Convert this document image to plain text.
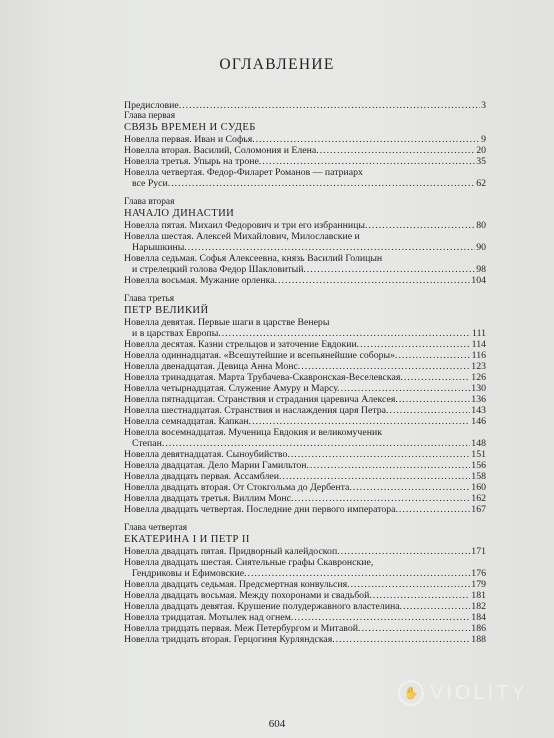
ОГЛАВЛЕНИЕ
Предисловие. .....	3
Глава первая
СВЯЗЬ ВРЕМЕН И СУДЕБ
Новелла первая. Иван и Софья. .....	9
Новелла вторая. Василий, Соломония и Елена. .....	20
Новелла третья. Упырь на троне. .....	35
Новелла четвертая. Федор-Филарет Романов — патриарх
все Руси. .....	62
Глава вторая
НАЧАЛО ДИНАСТИИ
Новелла пятая. Михаил Федорович и три его избранницы. .....	80
Новелла шестая. Алексей Михайлович, Милославские и
Нарышкины. .....	90
Новелла седьмая. Софья Алексеевна, князь Василий Голицын
и стрелецкий голова Федор Шакловитый. .....	98
Новелла восьмая. Мужание орленка. .....	104
Глава третья
ПЕТР ВЕЛИКИЙ
Новелла девятая. Первые шаги в царстве Венеры
и в царствах Европы. .....	111
Новелла десятая. Казни стрельцов и заточение Евдокии. .....	114
Новелла одиннадцатая. «Всешутейшие и всепьянейшие соборы». .....	116
Новелла двенадцатая. Девица Анна Монс. .....	123
Новелла тринадцатая. Марта Трубачева-Скавронская-Веселевская. .....	126
Новелла четырнадцатая. Служение Амуру и Марсу. .....	130
Новелла пятнадцатая. Странствия и страдания царевича Алексея. .....	136
Новелла шестнадцатая. Странствия и наслаждения царя Петра. .....	143
Новелла семнадцатая. Капкан. .....	146
Новелла восемнадцатая. Мученица Евдокия и великомученик
Степан. .....	148
Новелла девятнадцатая. Сыноубийство. .....	151
Новелла двадцатая. Дело Марии Гамильтон. .....	156
Новелла двадцать первая. Ассамблеи. .....	158
Новелла двадцать вторая. От Стокгольма до Дербента. .....	160
Новелла двадцать третья. Виллим Монс. .....	162
Новелла двадцать четвертая. Последние дни первого императора. .....	167
Глава четвертая
ЕКАТЕРИНА I И ПЕТР II
Новелла двадцать пятая. Придворный калейдоскоп. .....	171
Новелла двадцать шестая. Сиятельные графы Скавронские,
Гендриковы и Ефимовские. .....	176
Новелла двадцать седьмая. Предсмертная конвульсия. .....	179
Новелла двадцать восьмая. Между похоронами и свадьбой. .....	181
Новелла двадцать девятая. Крушение полудержавного властелина. .....	182
Новелла тридцатая. Мотылек над огнем. .....	184
Новелла тридцать первая. Меж Петербургом и Митавой. .....	186
Новелла тридцать вторая. Герцогиня Курляндская. .....	188
604
✋ VIOLITY
